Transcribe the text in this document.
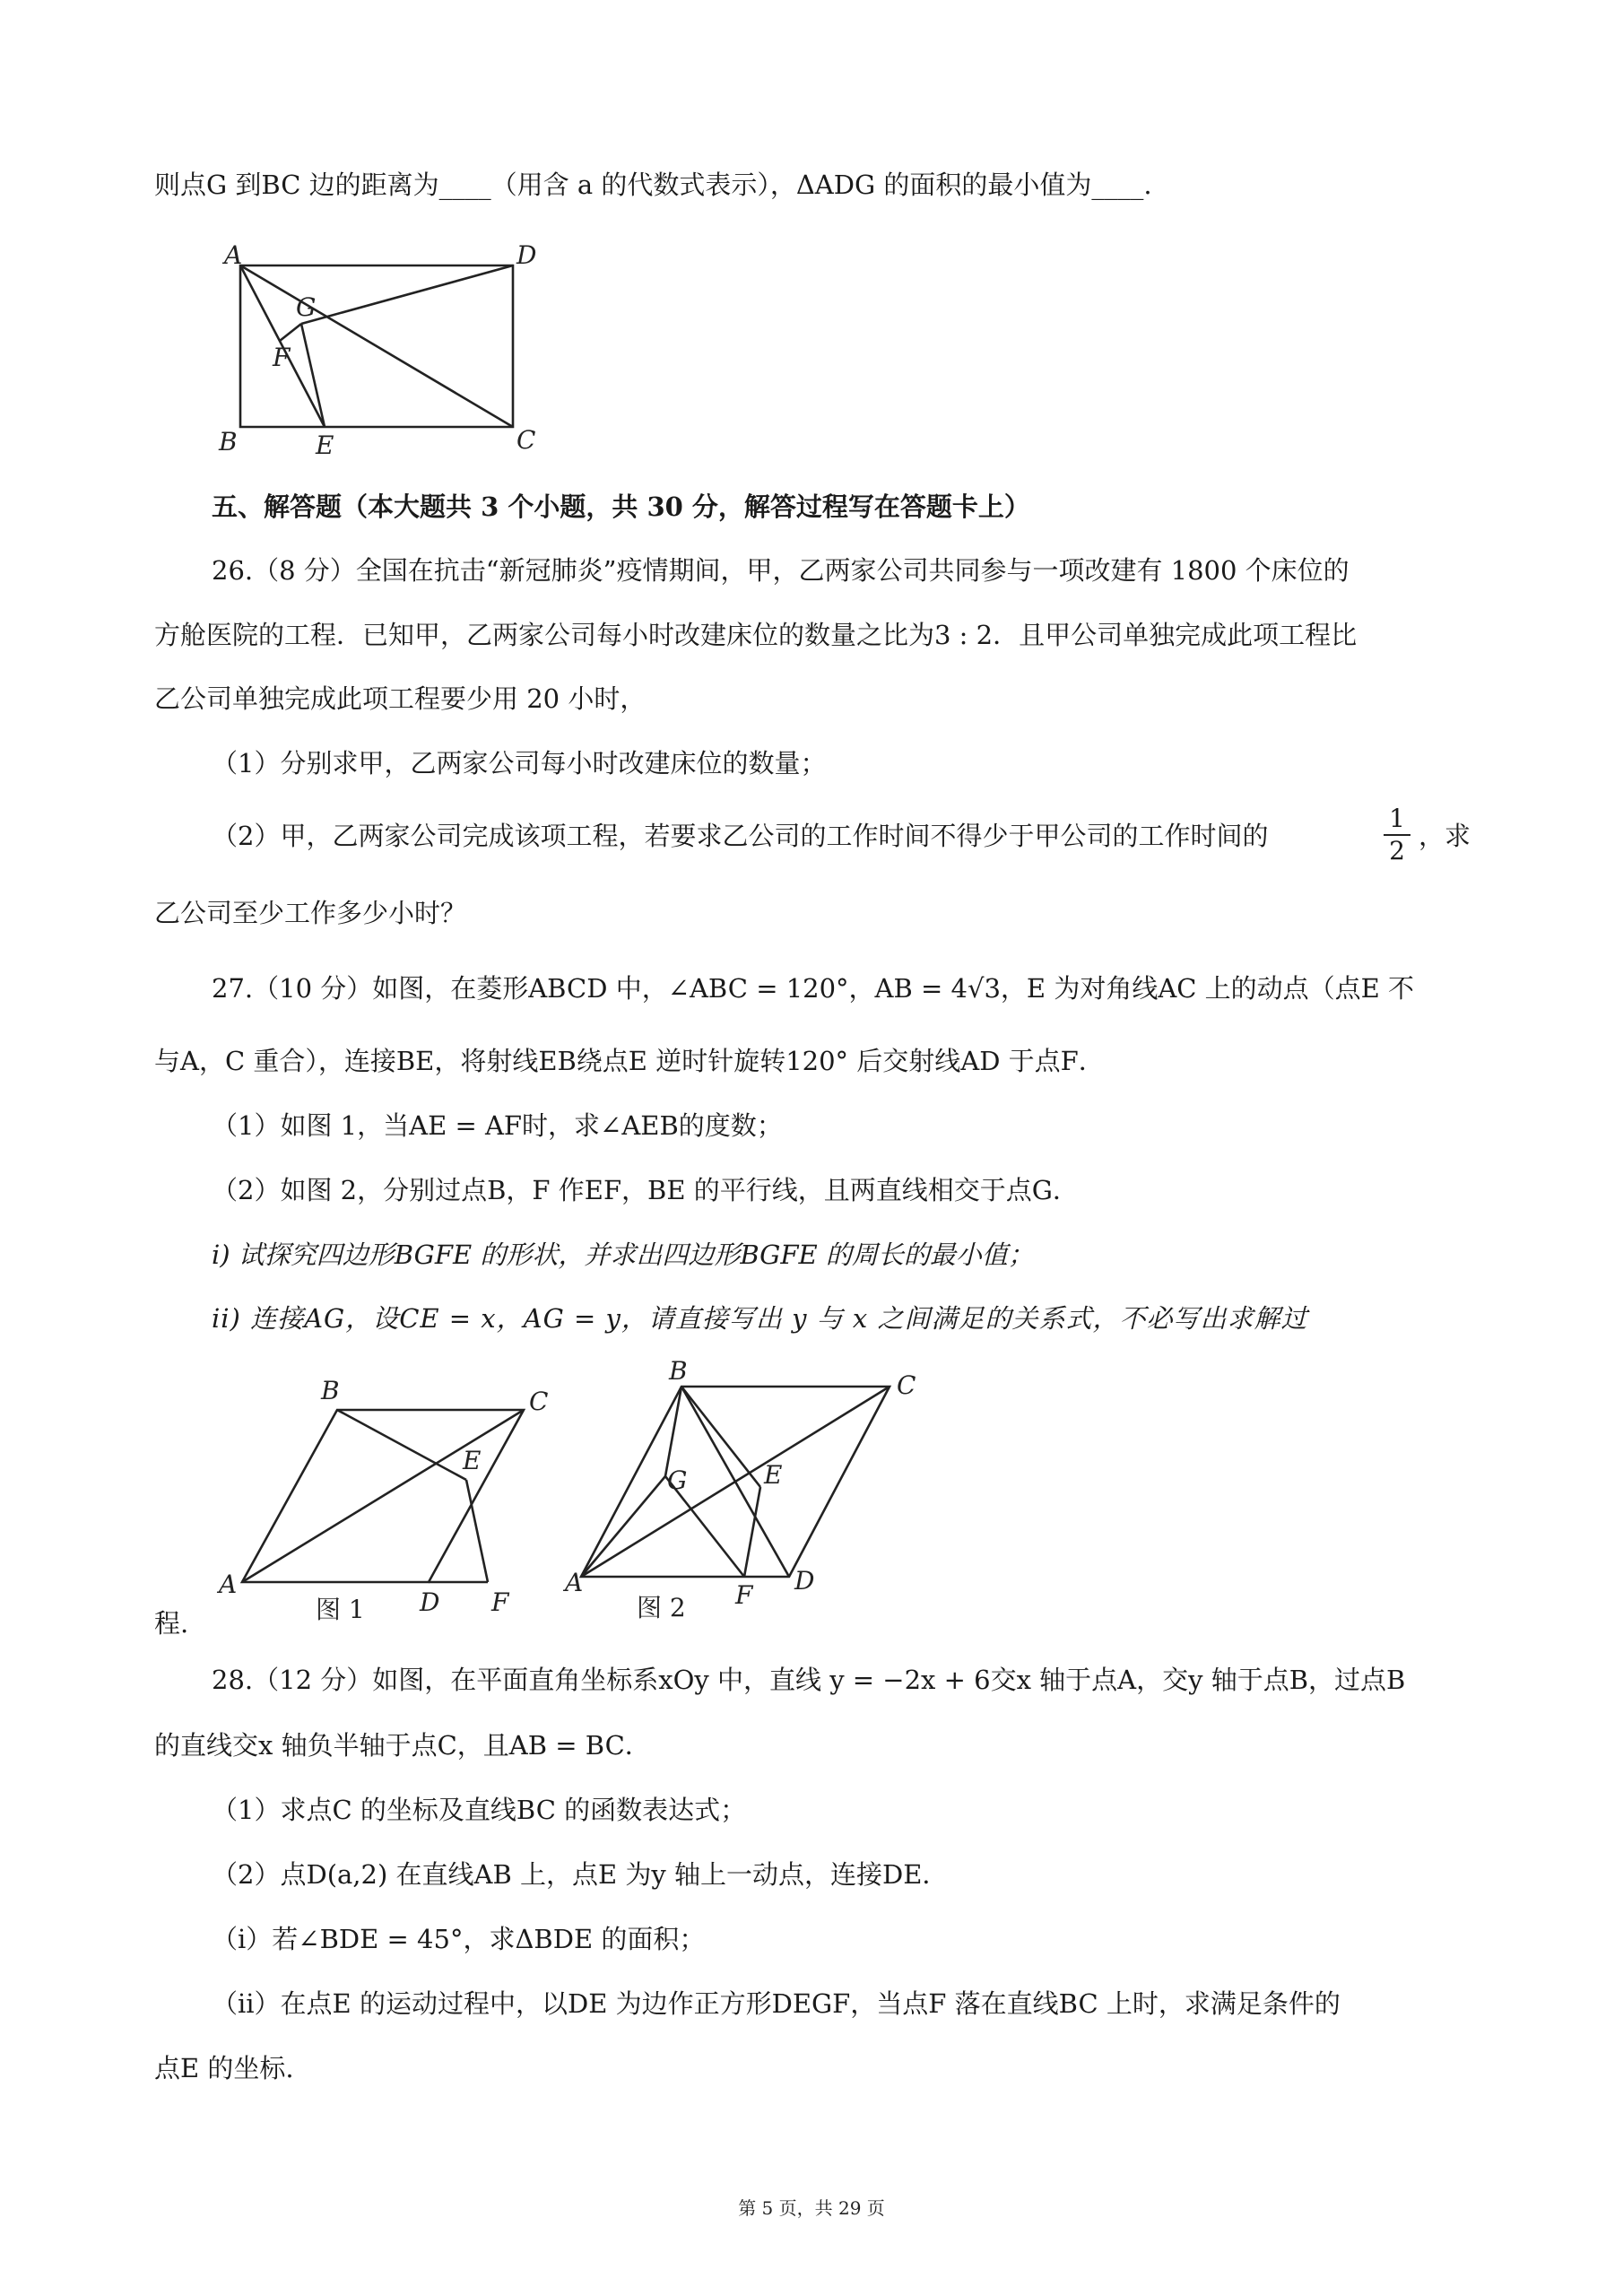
则点G 到BC 边的距离为____（用含 a 的代数式表示），ΔADG 的面积的最小值为____.
A	D
G
F
B	E	C
五、解答题（本大题共 3 个小题，共 30 分，解答过程写在答题卡上）
26.（8 分）全国在抗击“新冠肺炎”疫情期间，甲，乙两家公司共同参与一项改建有 1800 个床位的
方舱医院的工程．已知甲，乙两家公司每小时改建床位的数量之比为3 : 2．且甲公司单独完成此项工程比
乙公司单独完成此项工程要少用 20 小时，
（1）分别求甲，乙两家公司每小时改建床位的数量；
（2）甲，乙两家公司完成该项工程，若要求乙公司的工作时间不得少于甲公司的工作时间的	$\frac{1}{2}$ ，求
乙公司至少工作多少小时？
27.（10 分）如图，在菱形ABCD 中，∠ABC = 120°，AB = 4√3，E 为对角线AC 上的动点（点E 不
与A，C 重合），连接BE，将射线EB绕点E 逆时针旋转120° 后交射线AD 于点F．
（1）如图 1，当AE = AF时，求∠AEB的度数；
（2）如图 2，分别过点B，F 作EF，BE 的平行线，且两直线相交于点G．
i) 试探究四边形BGFE 的形状，并求出四边形BGFE 的周长的最小值；
ii) 连接AG，设CE = x，AG = y，请直接写出 y 与 x 之间满足的关系式，不必写出求解过
A
B	C
E
D F
图 1
A
B	C
G	E
F D
图 2
程.
28.（12 分）如图，在平面直角坐标系xOy 中，直线 y = −2x + 6交x 轴于点A，交y 轴于点B，过点B
的直线交x 轴负半轴于点C，且AB = BC．
（1）求点C 的坐标及直线BC 的函数表达式；
（2）点D(a,2) 在直线AB 上，点E 为y 轴上一动点，连接DE．
（ⅰ）若∠BDE = 45°，求ΔBDE 的面积；
（ⅱ）在点E 的运动过程中，以DE 为边作正方形DEGF，当点F 落在直线BC 上时，求满足条件的
点E 的坐标.
第 5 页，共 29 页
